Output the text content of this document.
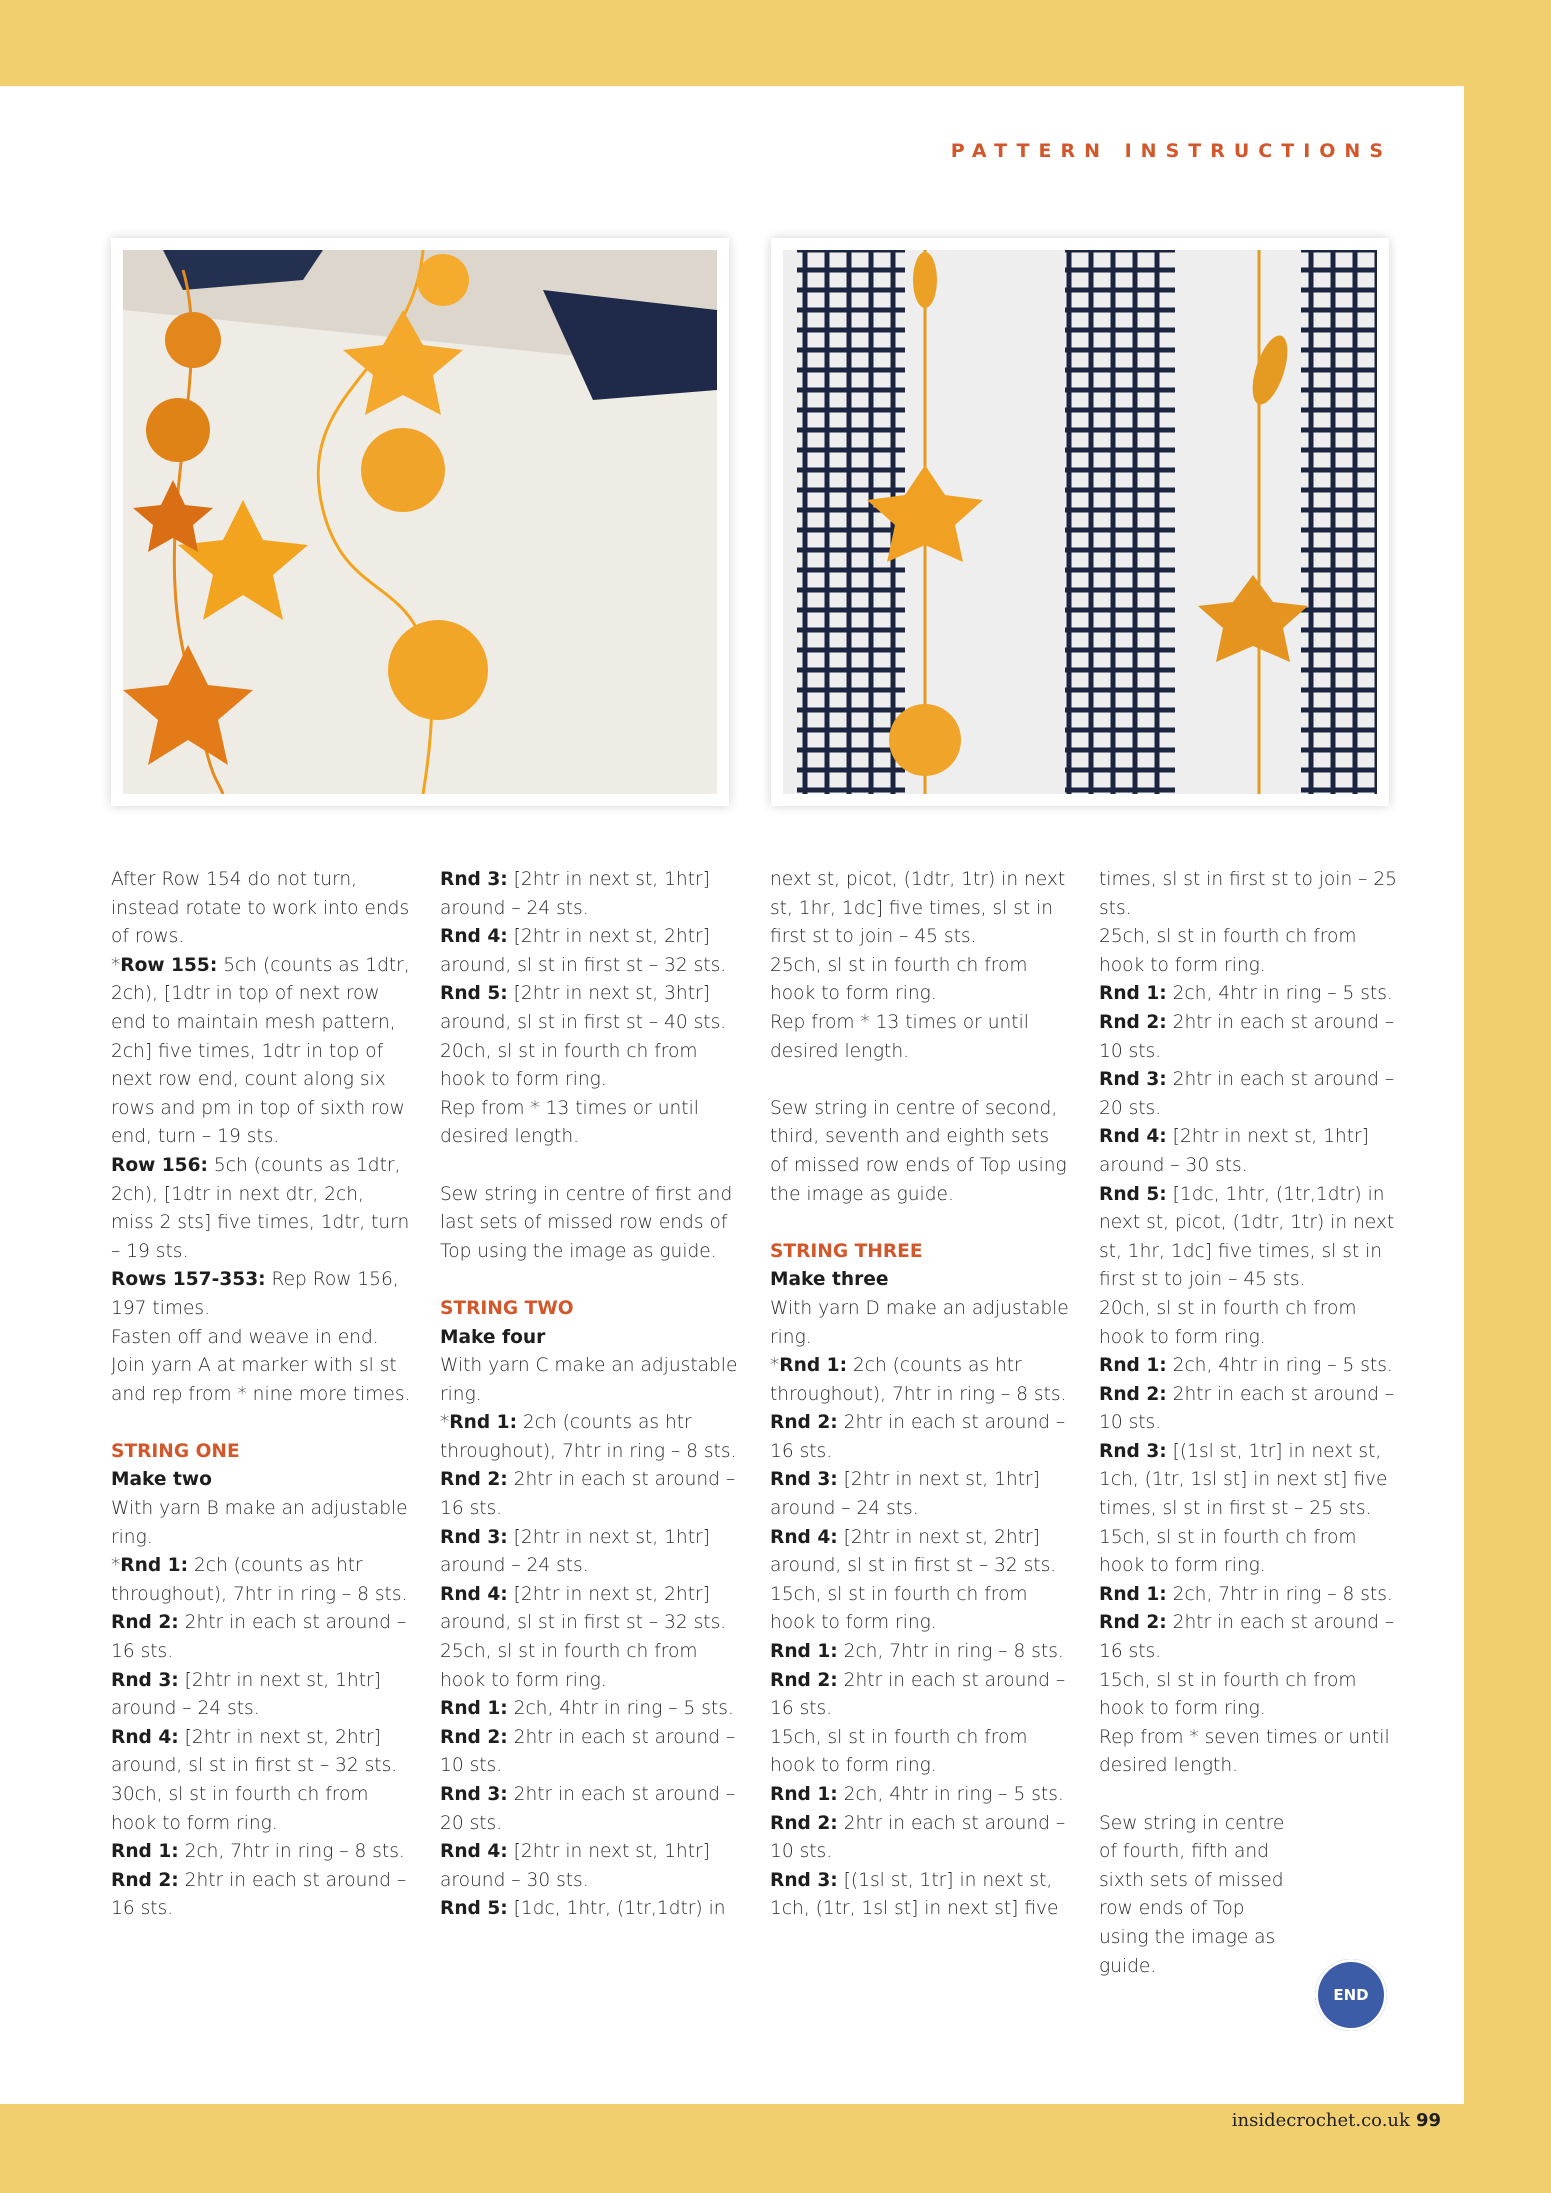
PATTERN INSTRUCTIONS

After Row 154 do not turn, instead rotate to work into ends of rows.

*Row 155: 5ch (counts as 1dtr, 2ch), [1dtr in top of next row end to maintain mesh pattern, 2ch] five times, 1dtr in top of next row end, count along six rows and pm in top of sixth row end, turn – 19 sts.

Row 156: 5ch (counts as 1dtr, 2ch), [1dtr in next dtr, 2ch, miss 2 sts] five times, 1dtr, turn – 19 sts.

Rows 157-353: Rep Row 156, 197 times.

Fasten off and weave in end.

Join yarn A at marker with sl st and rep from * nine more times.

STRING ONE

Make two

With yarn B make an adjustable ring.

*Rnd 1: 2ch (counts as htr throughout), 7htr in ring – 8 sts.

Rnd 2: 2htr in each st around – 16 sts.

Rnd 3: [2htr in next st, 1htr] around – 24 sts.

Rnd 4: [2htr in next st, 2htr] around, sl st in first st – 32 sts.

30ch, sl st in fourth ch from hook to form ring.

Rnd 1: 2ch, 7htr in ring – 8 sts.

Rnd 2: 2htr in each st around – 16 sts.

Rnd 3: [2htr in next st, 1htr] around – 24 sts.

Rnd 4: [2htr in next st, 2htr] around, sl st in first st – 32 sts.

Rnd 5: [2htr in next st, 3htr] around, sl st in first st – 40 sts.

20ch, sl st in fourth ch from hook to form ring.

Rep from * 13 times or until desired length.

Sew string in centre of first and last sets of missed row ends of Top using the image as guide.

STRING TWO

Make four

With yarn C make an adjustable ring.

*Rnd 1: 2ch (counts as htr throughout), 7htr in ring – 8 sts.

Rnd 2: 2htr in each st around – 16 sts.

Rnd 3: [2htr in next st, 1htr] around – 24 sts.

Rnd 4: [2htr in next st, 2htr] around, sl st in first st – 32 sts.

25ch, sl st in fourth ch from hook to form ring.

Rnd 1: 2ch, 4htr in ring – 5 sts.

Rnd 2: 2htr in each st around – 10 sts.

Rnd 3: 2htr in each st around – 20 sts.

Rnd 4: [2htr in next st, 1htr] around – 30 sts.

Rnd 5: [1dc, 1htr, (1tr,1dtr) in

next st, picot, (1dtr, 1tr) in next st, 1hr, 1dc] five times, sl st in first st to join – 45 sts.

25ch, sl st in fourth ch from hook to form ring.

Rep from * 13 times or until desired length.

Sew string in centre of second, third, seventh and eighth sets of missed row ends of Top using the image as guide.

STRING THREE

Make three

With yarn D make an adjustable ring.

*Rnd 1: 2ch (counts as htr throughout), 7htr in ring – 8 sts.

Rnd 2: 2htr in each st around – 16 sts.

Rnd 3: [2htr in next st, 1htr] around – 24 sts.

Rnd 4: [2htr in next st, 2htr] around, sl st in first st – 32 sts.

15ch, sl st in fourth ch from hook to form ring.

Rnd 1: 2ch, 7htr in ring – 8 sts.

Rnd 2: 2htr in each st around – 16 sts.

15ch, sl st in fourth ch from hook to form ring.

Rnd 1: 2ch, 4htr in ring – 5 sts.

Rnd 2: 2htr in each st around – 10 sts.

Rnd 3: [(1sl st, 1tr] in next st, 1ch, (1tr, 1sl st] in next st] five

times, sl st in first st to join – 25 sts.

25ch, sl st in fourth ch from hook to form ring.

Rnd 1: 2ch, 4htr in ring – 5 sts.

Rnd 2: 2htr in each st around – 10 sts.

Rnd 3: 2htr in each st around – 20 sts.

Rnd 4: [2htr in next st, 1htr] around – 30 sts.

Rnd 5: [1dc, 1htr, (1tr,1dtr) in next st, picot, (1dtr, 1tr) in next st, 1hr, 1dc] five times, sl st in first st to join – 45 sts.

20ch, sl st in fourth ch from hook to form ring.

Rnd 1: 2ch, 4htr in ring – 5 sts.

Rnd 2: 2htr in each st around – 10 sts.

Rnd 3: [(1sl st, 1tr] in next st, 1ch, (1tr, 1sl st] in next st] five times, sl st in first st – 25 sts.

15ch, sl st in fourth ch from hook to form ring.

Rnd 1: 2ch, 7htr in ring – 8 sts.

Rnd 2: 2htr in each st around – 16 sts.

15ch, sl st in fourth ch from hook to form ring.

Rep from * seven times or until desired length.

Sew string in centre of fourth, fifth and sixth sets of missed row ends of Top using the image as guide.

END
insidecrochet.co.uk 99
